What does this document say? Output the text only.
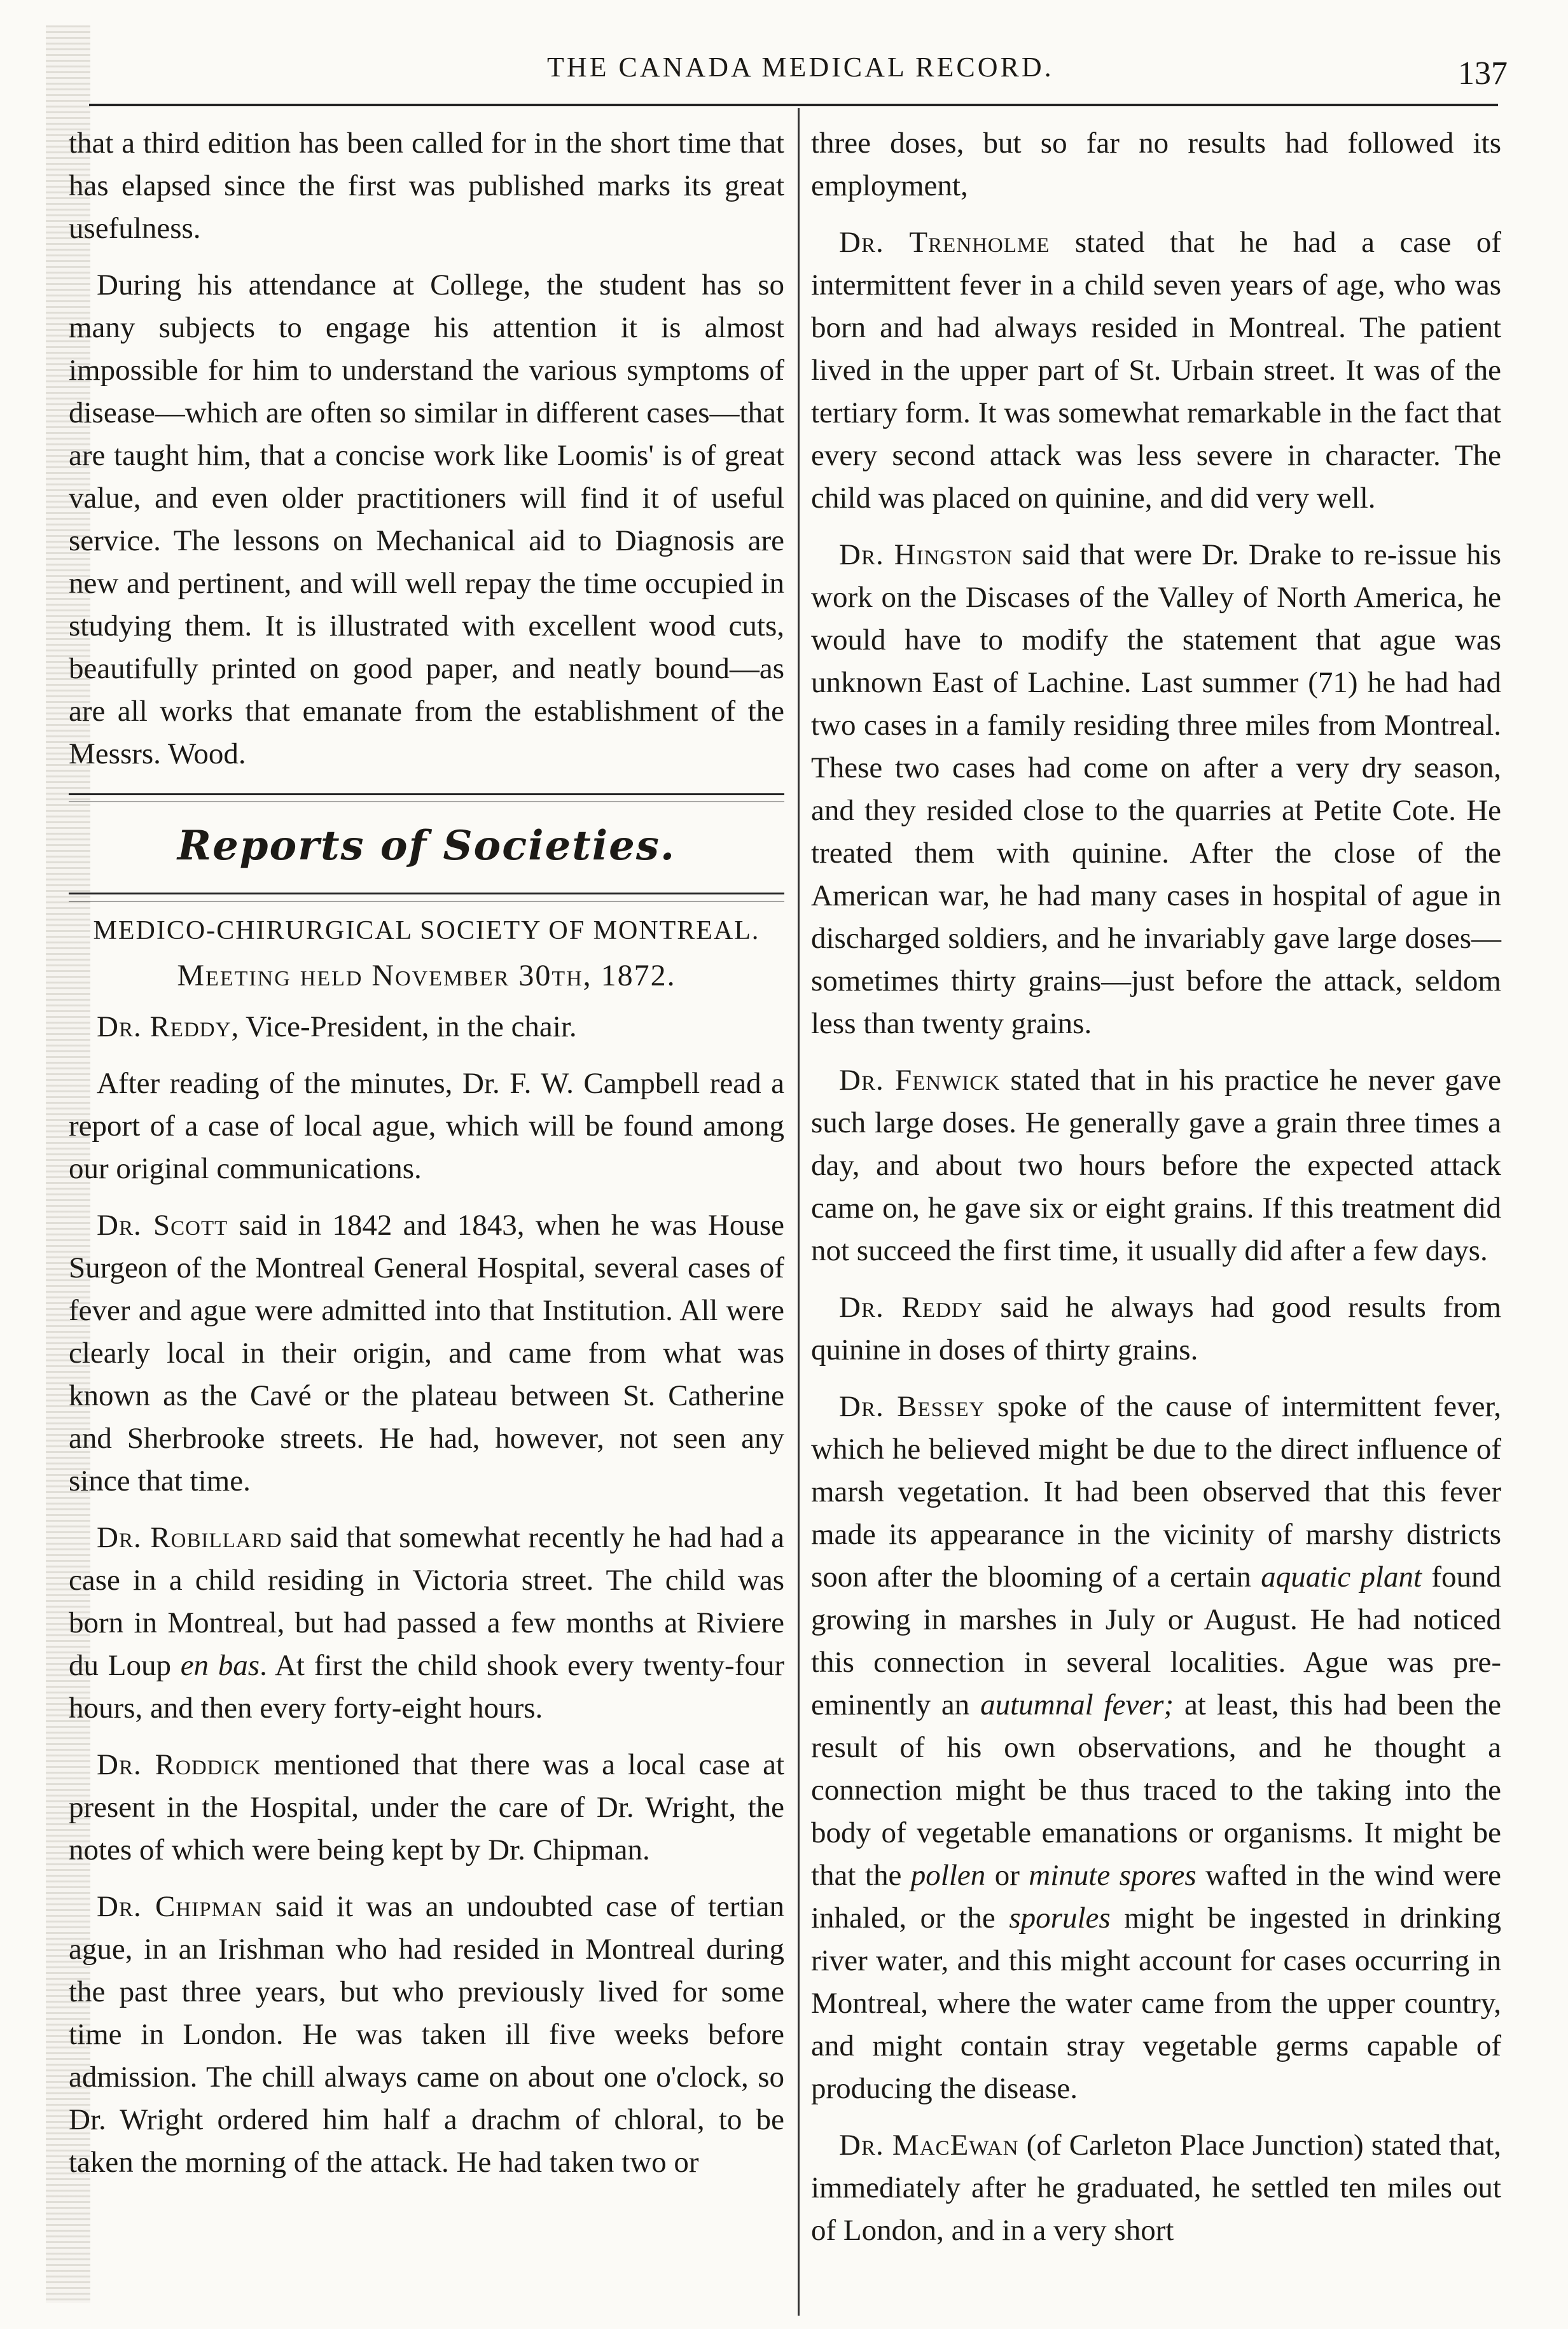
THE CANADA MEDICAL RECORD.	137

that a third edition has been called for in the short time that has elapsed since the first was published marks its great usefulness.

During his attendance at College, the student has so many subjects to engage his attention it is almost impossible for him to understand the various symptoms of disease—which are often so similar in different cases—that are taught him, that a concise work like Loomis' is of great value, and even older practitioners will find it of useful service. The lessons on Mechanical aid to Diagnosis are new and pertinent, and will well repay the time occupied in studying them. It is illustrated with excellent wood cuts, beautifully printed on good paper, and neatly bound—as are all works that emanate from the establishment of the Messrs. Wood.

Reports of Societies.
MEDICO-CHIRURGICAL SOCIETY OF MONTREAL.
Meeting held November 30th, 1872.

Dr. Reddy, Vice-President, in the chair.

After reading of the minutes, Dr. F. W. Campbell read a report of a case of local ague, which will be found among our original communications.

Dr. Scott said in 1842 and 1843, when he was House Surgeon of the Montreal General Hospital, several cases of fever and ague were admitted into that Institution. All were clearly local in their origin, and came from what was known as the Cavé or the plateau between St. Catherine and Sherbrooke streets. He had, however, not seen any since that time.

Dr. Robillard said that somewhat recently he had had a case in a child residing in Victoria street. The child was born in Montreal, but had passed a few months at Riviere du Loup en bas. At first the child shook every twenty-four hours, and then every forty-eight hours.

Dr. Roddick mentioned that there was a local case at present in the Hospital, under the care of Dr. Wright, the notes of which were being kept by Dr. Chipman.

Dr. Chipman said it was an undoubted case of tertian ague, in an Irishman who had resided in Montreal during the past three years, but who previously lived for some time in London. He was taken ill five weeks before admission. The chill always came on about one o'clock, so Dr. Wright ordered him half a drachm of chloral, to be taken the morning of the attack. He had taken two or

three doses, but so far no results had followed its employment,

Dr. Trenholme stated that he had a case of intermittent fever in a child seven years of age, who was born and had always resided in Montreal. The patient lived in the upper part of St. Urbain street. It was of the tertiary form. It was somewhat remarkable in the fact that every second attack was less severe in character. The child was placed on quinine, and did very well.

Dr. Hingston said that were Dr. Drake to re-issue his work on the Discases of the Valley of North America, he would have to modify the statement that ague was unknown East of Lachine. Last summer (71) he had had two cases in a family residing three miles from Montreal. These two cases had come on after a very dry season, and they resided close to the quarries at Petite Cote. He treated them with quinine. After the close of the American war, he had many cases in hospital of ague in discharged soldiers, and he invariably gave large doses—sometimes thirty grains—just before the attack, seldom less than twenty grains.

Dr. Fenwick stated that in his practice he never gave such large doses. He generally gave a grain three times a day, and about two hours before the expected attack came on, he gave six or eight grains. If this treatment did not succeed the first time, it usually did after a few days.

Dr. Reddy said he always had good results from quinine in doses of thirty grains.

Dr. Bessey spoke of the cause of intermittent fever, which he believed might be due to the direct influence of marsh vegetation. It had been observed that this fever made its appearance in the vicinity of marshy districts soon after the blooming of a certain aquatic plant found growing in marshes in July or August. He had noticed this connection in several localities. Ague was pre-eminently an autumnal fever; at least, this had been the result of his own observations, and he thought a connection might be thus traced to the taking into the body of vegetable emanations or organisms. It might be that the pollen or minute spores wafted in the wind were inhaled, or the sporules might be ingested in drinking river water, and this might account for cases occurring in Montreal, where the water came from the upper country, and might contain stray vegetable germs capable of producing the disease.

Dr. MacEwan (of Carleton Place Junction) stated that, immediately after he graduated, he settled ten miles out of London, and in a very short
